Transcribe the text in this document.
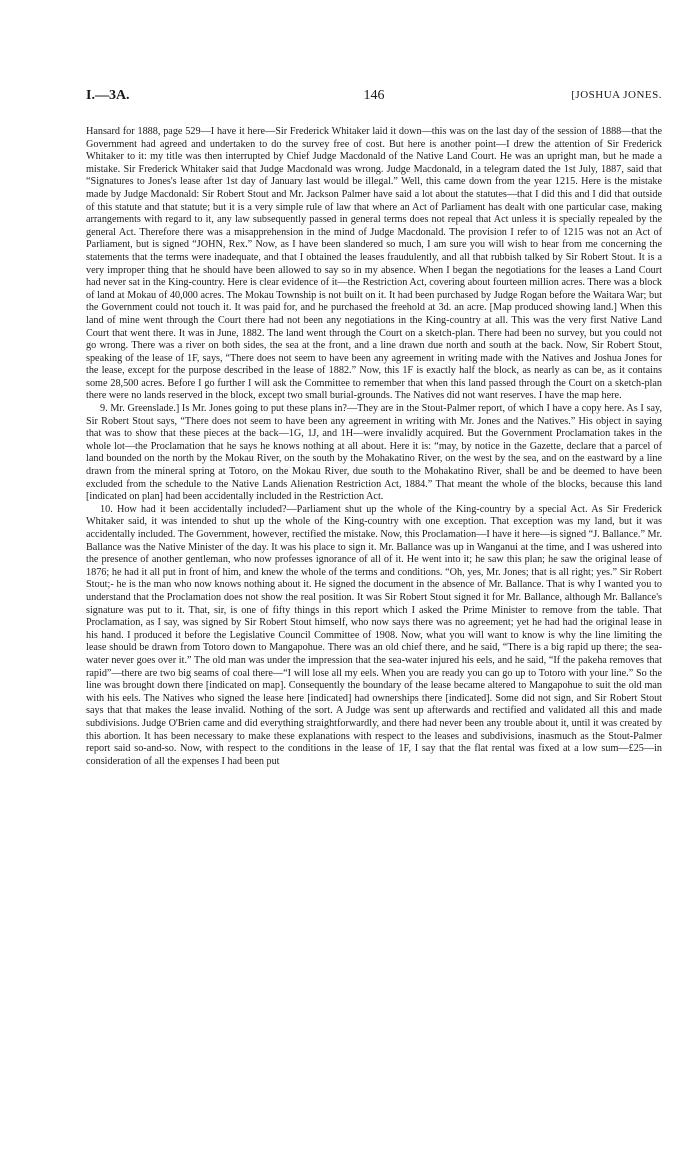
I.—3A.	146	[JOSHUA JONES.

Hansard for 1888, page 529—I have it here—Sir Frederick Whitaker laid it down—this was on the last day of the session of 1888—that the Government had agreed and undertaken to do the survey free of cost. But here is another point—I drew the attention of Sir Frederick Whitaker to it: my title was then interrupted by Chief Judge Macdonald of the Native Land Court. He was an upright man, but he made a mistake. Sir Frederick Whitaker said that Judge Macdonald was wrong. Judge Macdonald, in a telegram dated the 1st July, 1887, said that “Signatures to Jones's lease after 1st day of January last would be illegal.” Well, this came down from the year 1215. Here is the mistake made by Judge Macdonald: Sir Robert Stout and Mr. Jackson Palmer have said a lot about the statutes—that I did this and I did that outside of this statute and that statute; but it is a very simple rule of law that where an Act of Parliament has dealt with one particular case, making arrangements with regard to it, any law subsequently passed in general terms does not repeal that Act unless it is specially repealed by the general Act. Therefore there was a misapprehension in the mind of Judge Macdonald. The provision I refer to of 1215 was not an Act of Parliament, but is signed “JOHN, Rex.” Now, as I have been slandered so much, I am sure you will wish to hear from me concerning the statements that the terms were inadequate, and that I obtained the leases fraudulently, and all that rubbish talked by Sir Robert Stout. It is a very improper thing that he should have been allowed to say so in my absence. When I began the negotiations for the leases a Land Court had never sat in the King-country. Here is clear evidence of it—the Restriction Act, covering about fourteen million acres. There was a block of land at Mokau of 40,000 acres. The Mokau Township is not built on it. It had been purchased by Judge Rogan before the Waitara War; but the Government could not touch it. It was paid for, and he purchased the freehold at 3d. an acre. [Map produced showing land.] When this land of mine went through the Court there had not been any negotiations in the King-country at all. This was the very first Native Land Court that went there. It was in June, 1882. The land went through the Court on a sketch-plan. There had been no survey, but you could not go wrong. There was a river on both sides, the sea at the front, and a line drawn due north and south at the back. Now, Sir Robert Stout, speaking of the lease of 1F, says, “There does not seem to have been any agreement in writing made with the Natives and Joshua Jones for the lease, except for the purpose described in the lease of 1882.” Now, this 1F is exactly half the block, as nearly as can be, as it contains some 28,500 acres. Before I go further I will ask the Committee to remember that when this land passed through the Court on a sketch-plan there were no lands reserved in the block, except two small burial-grounds. The Natives did not want reserves. I have the map here.

9. Mr. Greenslade.] Is Mr. Jones going to put these plans in?—They are in the Stout-Palmer report, of which I have a copy here. As I say, Sir Robert Stout says, “There does not seem to have been any agreement in writing with Mr. Jones and the Natives.” His object in saying that was to show that these pieces at the back—1G, 1J, and 1H—were invalidly acquired. But the Government Proclamation takes in the whole lot—the Proclamation that he says he knows nothing at all about. Here it is: “may, by notice in the Gazette, declare that a parcel of land bounded on the north by the Mokau River, on the south by the Mohakatino River, on the west by the sea, and on the eastward by a line drawn from the mineral spring at Totoro, on the Mokau River, due south to the Mohakatino River, shall be and be deemed to have been excluded from the schedule to the Native Lands Alienation Restriction Act, 1884.” That meant the whole of the blocks, because this land [indicated on plan] had been accidentally included in the Restriction Act.

10. How had it been accidentally included?—Parliament shut up the whole of the King-country by a special Act. As Sir Frederick Whitaker said, it was intended to shut up the whole of the King-country with one exception. That exception was my land, but it was accidentally included. The Government, however, rectified the mistake. Now, this Proclamation—I have it here—is signed “J. Ballance.” Mr. Ballance was the Native Minister of the day. It was his place to sign it. Mr. Ballance was up in Wanganui at the time, and I was ushered into the presence of another gentleman, who now professes ignorance of all of it. He went into it; he saw this plan; he saw the original lease of 1876; he had it all put in front of him, and knew the whole of the terms and conditions. “Oh, yes, Mr. Jones; that is all right; yes.” Sir Robert Stout;- he is the man who now knows nothing about it. He signed the document in the absence of Mr. Ballance. That is why I wanted you to understand that the Proclamation does not show the real position. It was Sir Robert Stout signed it for Mr. Ballance, although Mr. Ballance's signature was put to it. That, sir, is one of fifty things in this report which I asked the Prime Minister to remove from the table. That Proclamation, as I say, was signed by Sir Robert Stout himself, who now says there was no agreement; yet he had had the original lease in his hand. I produced it before the Legislative Council Committee of 1908. Now, what you will want to know is why the line limiting the lease should be drawn from Totoro down to Mangapohue. There was an old chief there, and he said, “There is a big rapid up there; the sea-water never goes over it.” The old man was under the impression that the sea-water injured his eels, and he said, “If the pakeha removes that rapid”—there are two big seams of coal there—“I will lose all my eels. When you are ready you can go up to Totoro with your line.” So the line was brought down there [indicated on map]. Consequently the boundary of the lease became altered to Mangapohue to suit the old man with his eels. The Natives who signed the lease here [indicated] had ownerships there [indicated]. Some did not sign, and Sir Robert Stout says that that makes the lease invalid. Nothing of the sort. A Judge was sent up afterwards and rectified and validated all this and made subdivisions. Judge O'Brien came and did everything straightforwardly, and there had never been any trouble about it, until it was created by this abortion. It has been necessary to make these explanations with respect to the leases and subdivisions, inasmuch as the Stout-Palmer report said so-and-so. Now, with respect to the conditions in the lease of 1F, I say that the flat rental was fixed at a low sum—£25—in consideration of all the expenses I had been put
